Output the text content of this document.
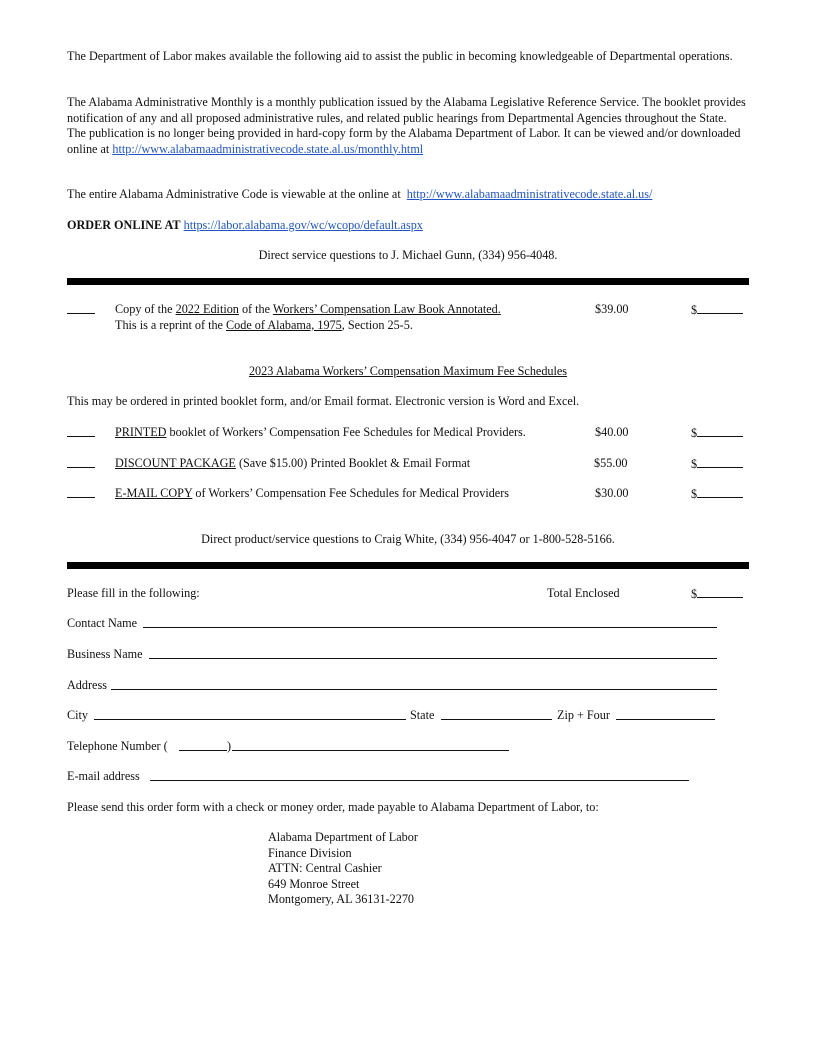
The Department of Labor makes available the following aid to assist the public in becoming knowledgeable of Departmental operations.

The Alabama Administrative Monthly is a monthly publication issued by the Alabama Legislative Reference Service. The booklet provides notification of any and all proposed administrative rules, and related public hearings from Departmental Agencies throughout the State. The publication is no longer being provided in hard-copy form by the Alabama Department of Labor. It can be viewed and/or downloaded online at http://www.alabamaadministrativecode.state.al.us/monthly.html

The entire Alabama Administrative Code is viewable at the online at http://www.alabamaadministrativecode.state.al.us/

ORDER ONLINE AT https://labor.alabama.gov/wc/wcopo/default.aspx

Direct service questions to J. Michael Gunn, (334) 956-4048.
Copy of the 2022 Edition of the Workers’ Compensation Law Book Annotated.	$39.00	$
This is a reprint of the Code of Alabama, 1975, Section 25-5.
2023 Alabama Workers’ Compensation Maximum Fee Schedules
This may be ordered in printed booklet form, and/or Email format. Electronic version is Word and Excel.
PRINTED booklet of Workers’ Compensation Fee Schedules for Medical Providers.	$40.00	$
DISCOUNT PACKAGE (Save $15.00) Printed Booklet & Email Format	$55.00	$
E-MAIL COPY of Workers’ Compensation Fee Schedules for Medical Providers	$30.00	$
Direct product/service questions to Craig White, (334) 956-4047 or 1-800-528-5166.
Please fill in the following:	Total Enclosed	$
Contact Name
Business Name
Address
City	State	Zip + Four
Telephone Number (	)
E-mail address
Please send this order form with a check or money order, made payable to Alabama Department of Labor, to:
Alabama Department of Labor
Finance Division
ATTN: Central Cashier
649 Monroe Street
Montgomery, AL 36131-2270
